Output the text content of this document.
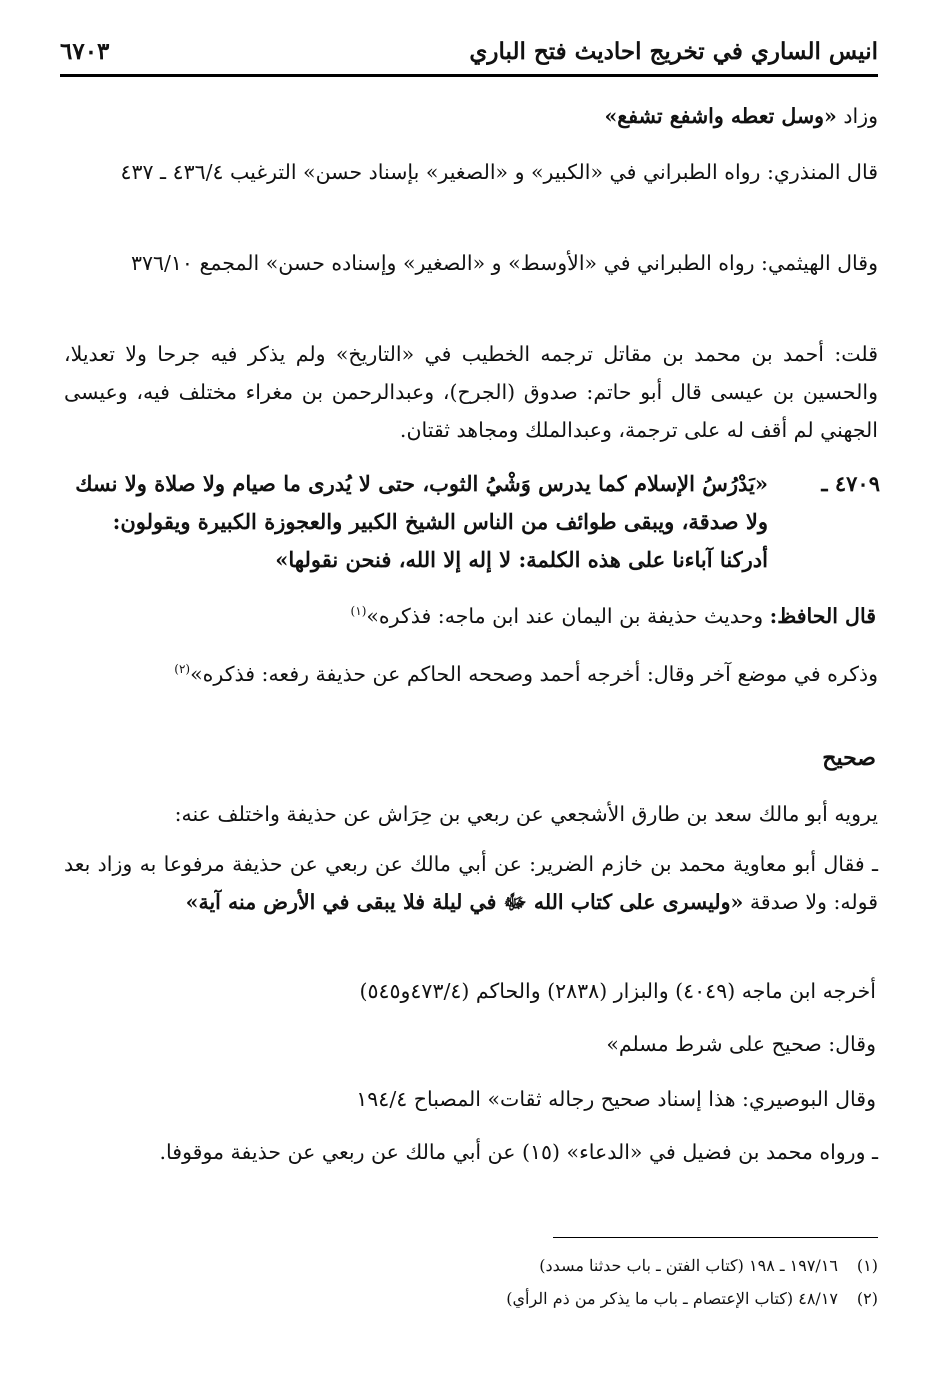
انيس الساري في تخريج احاديث فتح الباري
٦٧٠٣
وزاد «وسل تعطه واشفع تشفع»
قال المنذري: رواه الطبراني في «الكبير» و «الصغير» بإسناد حسن» الترغيب ٤٣٦/٤ ـ ٤٣٧
وقال الهيثمي: رواه الطبراني في «الأوسط» و «الصغير» وإسناده حسن» المجمع ٣٧٦/١٠
قلت: أحمد بن محمد بن مقاتل ترجمه الخطيب في «التاريخ» ولم يذكر فيه جرحا ولا تعديلا، والحسين بن عيسى قال أبو حاتم: صدوق (الجرح)، وعبدالرحمن بن مغراء مختلف فيه، وعيسى الجهني لم أقف له على ترجمة، وعبدالملك ومجاهد ثقتان.
٤٧٠٩ ـ
«يَدْرُسُ الإسلام كما يدرس وَشْيُ الثوب، حتى لا يُدرى ما صيام ولا صلاة ولا نسك ولا صدقة، ويبقى طوائف من الناس الشيخ الكبير والعجوزة الكبيرة ويقولون: أدركنا آباءنا على هذه الكلمة: لا إله إلا الله، فنحن نقولها»
قال الحافظ: وحديث حذيفة بن اليمان عند ابن ماجه: فذكره»$^{(١)}$
وذكره في موضع آخر وقال: أخرجه أحمد وصححه الحاكم عن حذيفة رفعه: فذكره»$^{(٢)}$
صحيح
يرويه أبو مالك سعد بن طارق الأشجعي عن ربعي بن حِرَاش عن حذيفة واختلف عنه:
ـ فقال أبو معاوية محمد بن خازم الضرير: عن أبي مالك عن ربعي عن حذيفة مرفوعا به وزاد بعد قوله: ولا صدقة «وليسرى على كتاب الله ﷻ في ليلة فلا يبقى في الأرض منه آية»
أخرجه ابن ماجه (٤٠٤٩) والبزار (٢٨٣٨) والحاكم (٤٧٣/٤و٥٤٥)
وقال: صحيح على شرط مسلم»
وقال البوصيري: هذا إسناد صحيح رجاله ثقات» المصباح ١٩٤/٤
ـ ورواه محمد بن فضيل في «الدعاء» (١٥) عن أبي مالك عن ربعي عن حذيفة موقوفا.
(١)١٩٧/١٦ ـ ١٩٨ (كتاب الفتن ـ باب حدثنا مسدد)
(٢)٤٨/١٧ (كتاب الإعتصام ـ باب ما يذكر من ذم الرأي)
